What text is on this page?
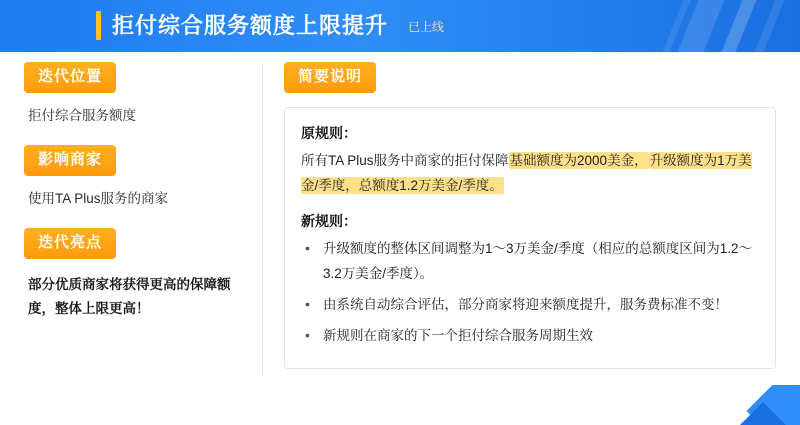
拒付综合服务额度上限提升 已上线
迭代位置
拒付综合服务额度
影响商家
使用TA Plus服务的商家
迭代亮点
部分优质商家将获得更高的保障额度，整体上限更高！
简要说明
原规则：

所有TA Plus服务中商家的拒付保障基础额度为2000美金， 升级额度为1万美金/季度，总额度1.2万美金/季度。

新规则：
• 升级额度的整体区间调整为1～3万美金/季度（相应的总额度区间为1.2～3.2万美金/季度）。
• 由系统自动综合评估，部分商家将迎来额度提升，服务费标准不变！
• 新规则在商家的下一个拒付综合服务周期生效
